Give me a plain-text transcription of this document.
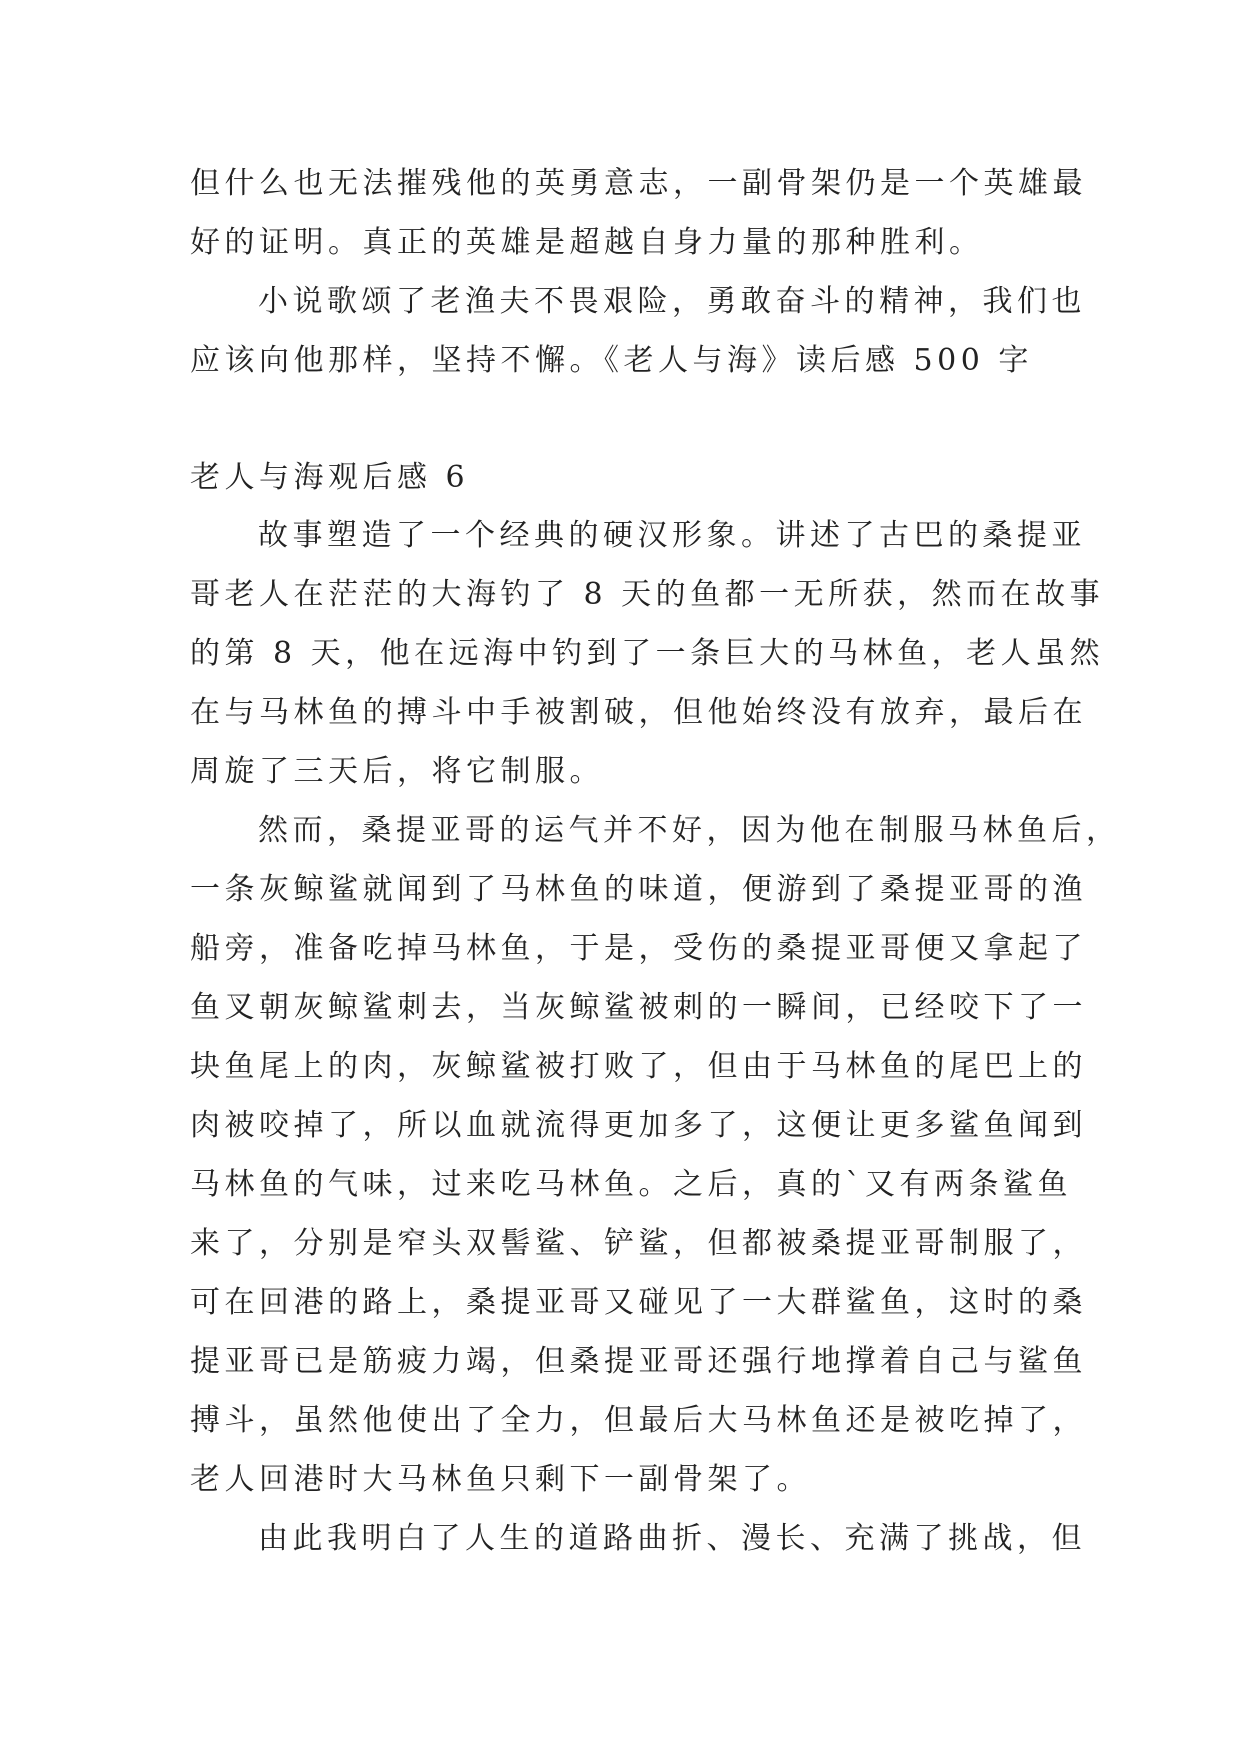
但什么也无法摧残他的英勇意志，一副骨架仍是一个英雄最
好的证明。真正的英雄是超越自身力量的那种胜利。
小说歌颂了老渔夫不畏艰险，勇敢奋斗的精神，我们也
应该向他那样，坚持不懈。《老人与海》读后感 500 字
老人与海观后感 6
故事塑造了一个经典的硬汉形象。讲述了古巴的桑提亚
哥老人在茫茫的大海钓了 8 天的鱼都一无所获，然而在故事
的第 8 天，他在远海中钓到了一条巨大的马林鱼，老人虽然
在与马林鱼的搏斗中手被割破，但他始终没有放弃，最后在
周旋了三天后，将它制服。
然而，桑提亚哥的运气并不好，因为他在制服马林鱼后，
一条灰鲸鲨就闻到了马林鱼的味道，便游到了桑提亚哥的渔
船旁，准备吃掉马林鱼，于是，受伤的桑提亚哥便又拿起了
鱼叉朝灰鲸鲨刺去，当灰鲸鲨被刺的一瞬间，已经咬下了一
块鱼尾上的肉，灰鲸鲨被打败了，但由于马林鱼的尾巴上的
肉被咬掉了，所以血就流得更加多了，这便让更多鲨鱼闻到
马林鱼的气味，过来吃马林鱼。之后，真的`又有两条鲨鱼
来了，分别是窄头双髻鲨、铲鲨，但都被桑提亚哥制服了，
可在回港的路上，桑提亚哥又碰见了一大群鲨鱼，这时的桑
提亚哥已是筋疲力竭，但桑提亚哥还强行地撑着自己与鲨鱼
搏斗，虽然他使出了全力，但最后大马林鱼还是被吃掉了，
老人回港时大马林鱼只剩下一副骨架了。
由此我明白了人生的道路曲折、漫长、充满了挑战，但
